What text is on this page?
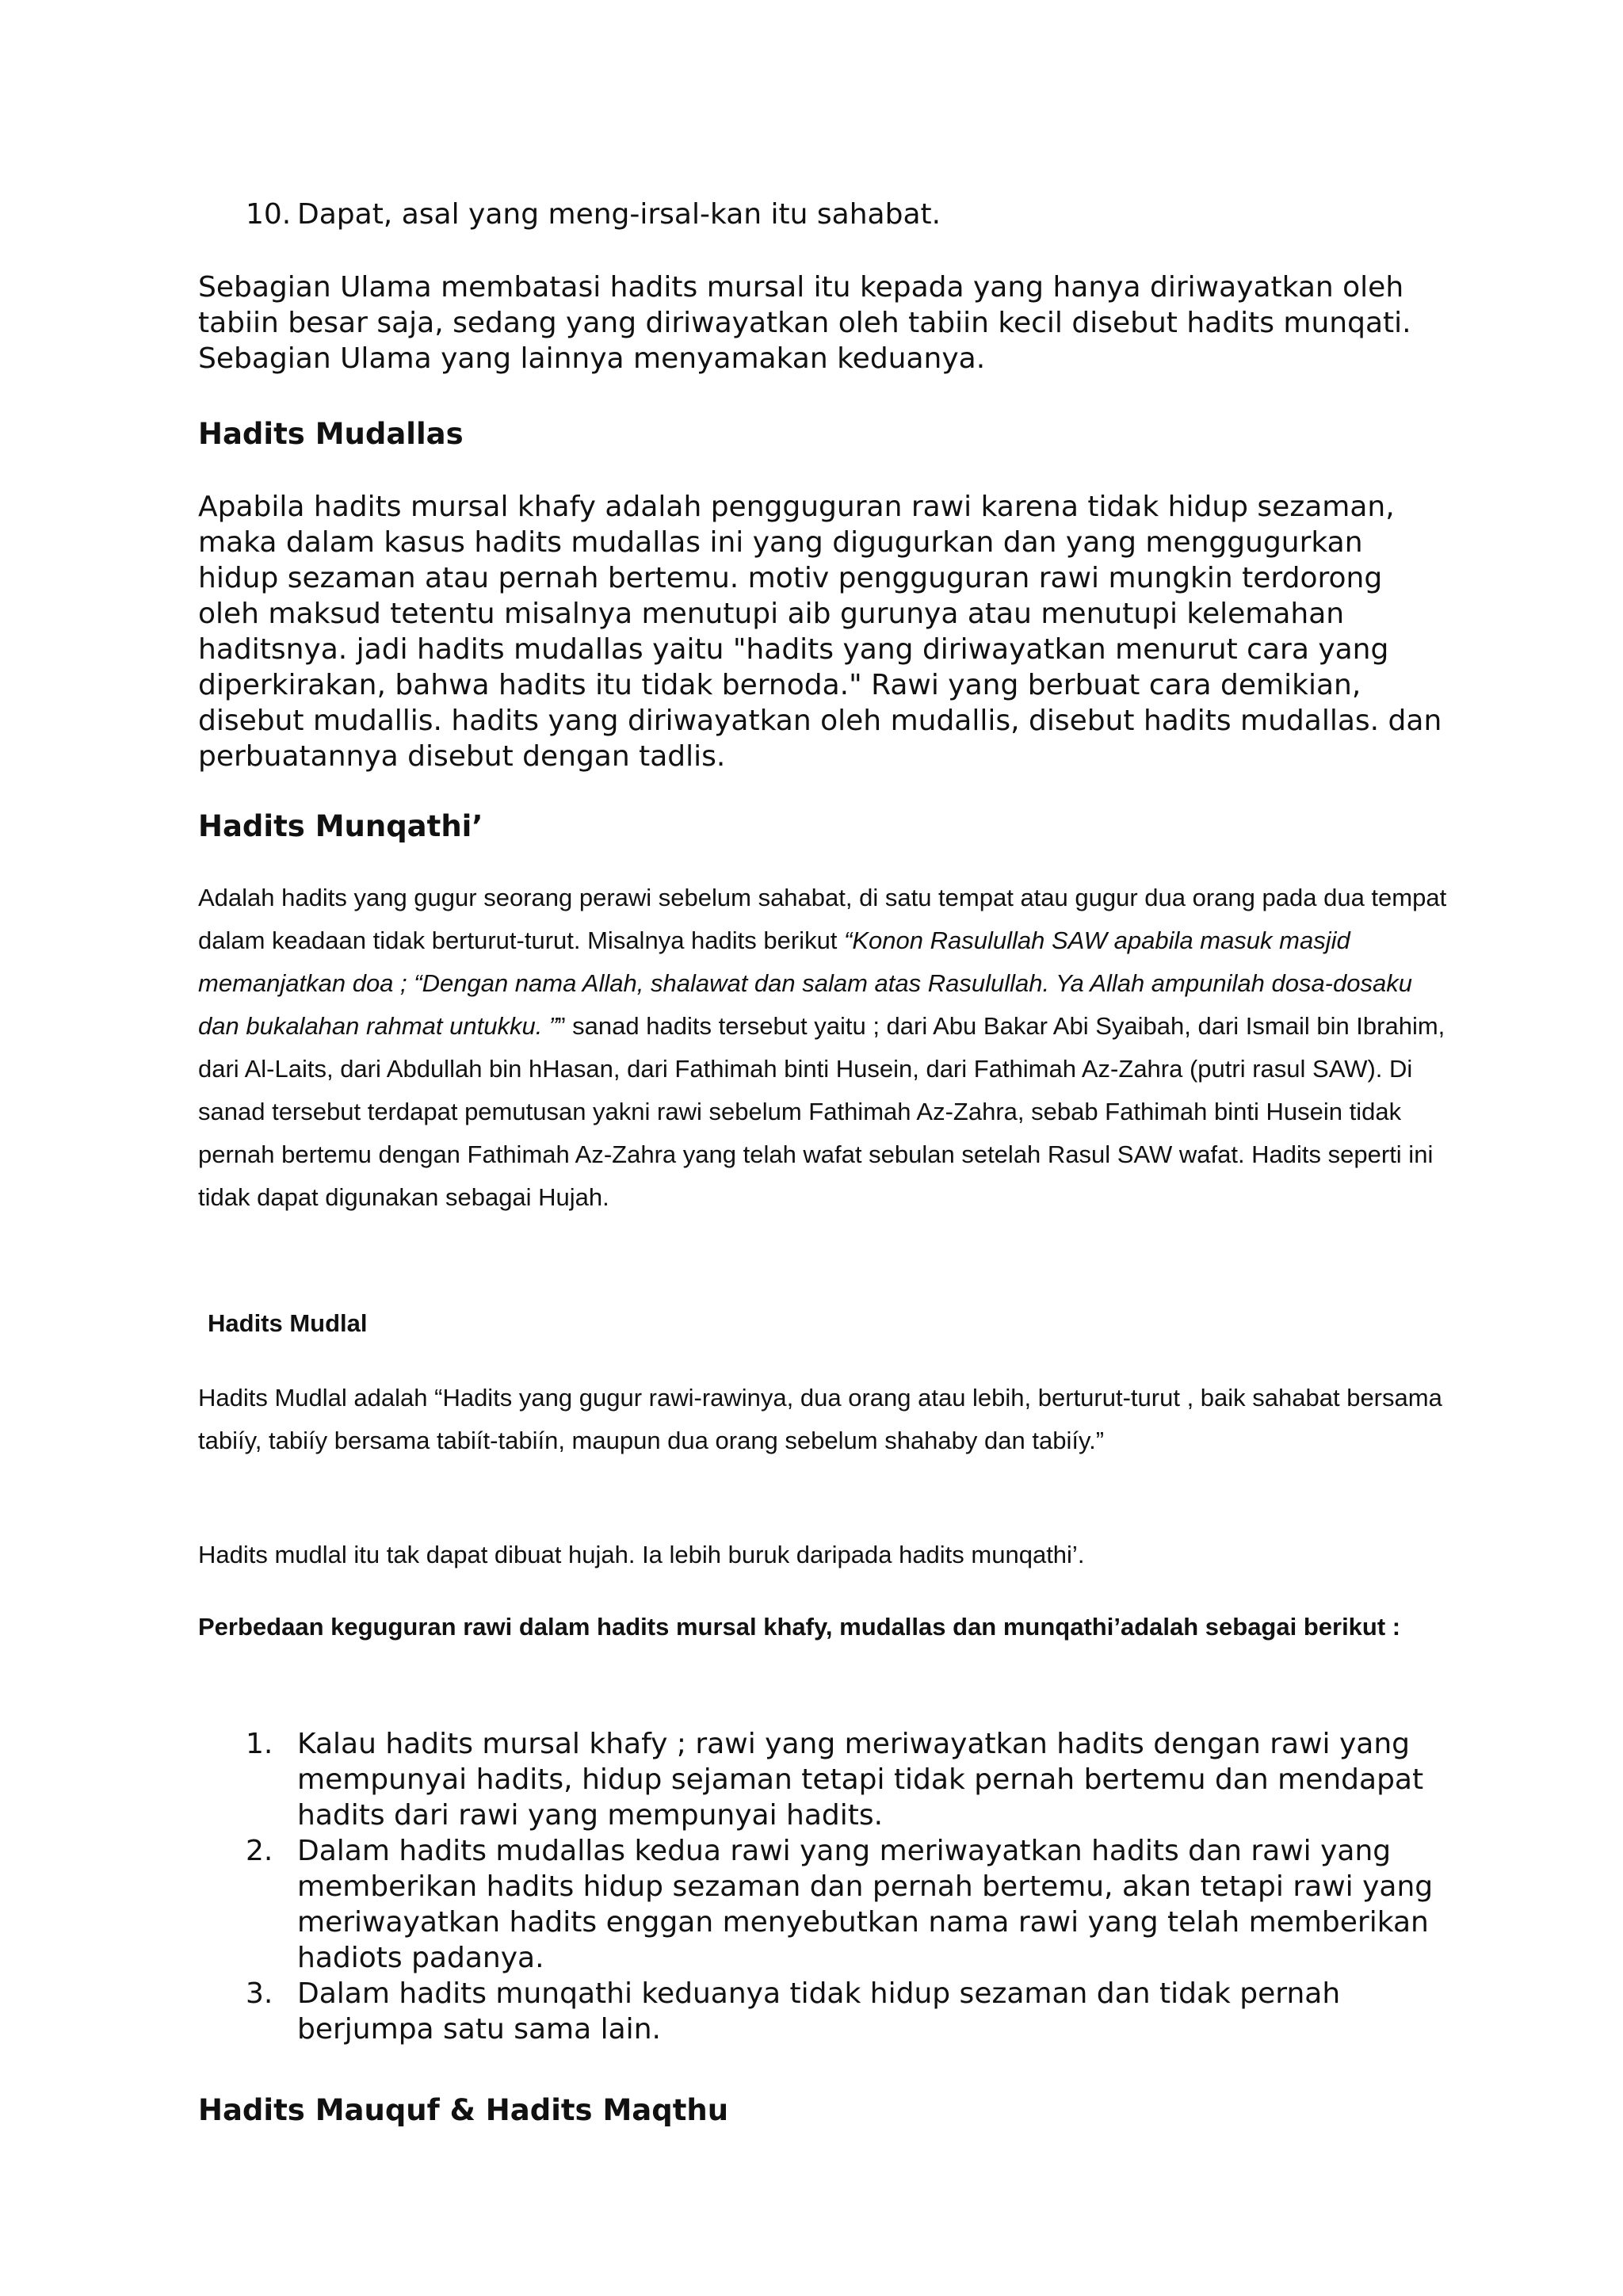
10. Dapat, asal yang meng-irsal-kan itu sahabat.

Sebagian Ulama membatasi hadits mursal itu kepada yang hanya diriwayatkan oleh tabiin besar saja, sedang yang diriwayatkan oleh tabiin kecil disebut hadits munqati. Sebagian Ulama yang lainnya menyamakan keduanya.

Hadits Mudallas

Apabila hadits mursal khafy adalah pengguguran rawi karena tidak hidup sezaman, maka dalam kasus hadits mudallas ini yang digugurkan dan yang menggugurkan hidup sezaman atau pernah bertemu. motiv pengguguran rawi mungkin terdorong oleh maksud tetentu misalnya menutupi aib gurunya atau menutupi kelemahan haditsnya. jadi hadits mudallas yaitu "hadits yang diriwayatkan menurut cara yang diperkirakan, bahwa hadits itu tidak bernoda." Rawi yang berbuat cara demikian, disebut mudallis. hadits yang diriwayatkan oleh mudallis, disebut hadits mudallas. dan perbuatannya disebut dengan tadlis.

Hadits Munqathi’

Adalah hadits yang gugur seorang perawi sebelum sahabat, di satu tempat atau gugur dua orang pada dua tempat dalam keadaan tidak berturut-turut. Misalnya hadits berikut “Konon Rasulullah SAW apabila masuk masjid memanjatkan doa ; “Dengan nama Allah, shalawat dan salam atas Rasulullah. Ya Allah ampunilah dosa-dosaku dan bukalahan rahmat untukku. ”” sanad hadits tersebut yaitu ; dari Abu Bakar Abi Syaibah, dari Ismail bin Ibrahim, dari Al-Laits, dari Abdullah bin hHasan, dari Fathimah binti Husein, dari Fathimah Az-Zahra (putri rasul SAW). Di sanad tersebut terdapat pemutusan yakni rawi sebelum Fathimah Az-Zahra, sebab Fathimah binti Husein tidak pernah bertemu dengan Fathimah Az-Zahra yang telah wafat sebulan setelah Rasul SAW wafat. Hadits seperti ini tidak dapat digunakan sebagai Hujah.

Hadits Mudlal

Hadits Mudlal adalah “Hadits yang gugur rawi-rawinya, dua orang atau lebih, berturut-turut , baik sahabat bersama tabiíy, tabiíy bersama tabiít-tabiín, maupun dua orang sebelum shahaby dan tabiíy.”

Hadits mudlal itu tak dapat dibuat hujah. Ia lebih buruk daripada hadits munqathi’.

Perbedaan keguguran rawi dalam hadits mursal khafy, mudallas dan munqathi’adalah sebagai berikut :

1. Kalau hadits mursal khafy ; rawi yang meriwayatkan hadits dengan rawi yang mempunyai hadits, hidup sejaman tetapi tidak pernah bertemu dan mendapat hadits dari rawi yang mempunyai hadits.
2. Dalam hadits mudallas kedua rawi yang meriwayatkan hadits dan rawi yang memberikan hadits hidup sezaman dan pernah bertemu, akan tetapi rawi yang meriwayatkan hadits enggan menyebutkan nama rawi yang telah memberikan hadiots padanya.
3. Dalam hadits munqathi keduanya tidak hidup sezaman dan tidak pernah berjumpa satu sama lain.

Hadits Mauquf & Hadits Maqthu
